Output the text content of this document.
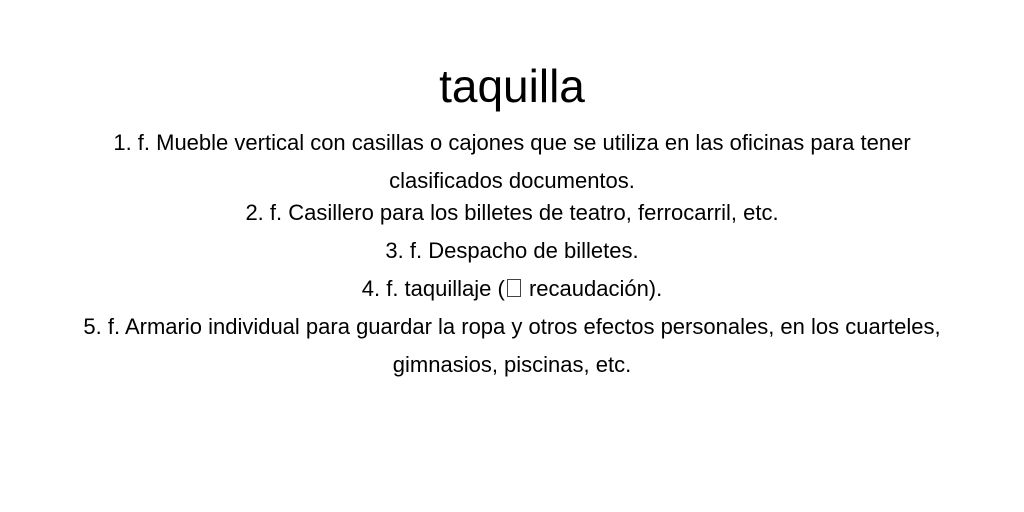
taquilla
1. f. Mueble vertical con casillas o cajones que se utiliza en las oficinas para tener clasificados documentos.
2. f. Casillero para los billetes de teatro, ferrocarril, etc.
3. f. Despacho de billetes.
4. f. taquillaje ( recaudación).
5. f. Armario individual para guardar la ropa y otros efectos personales, en los cuarteles, gimnasios, piscinas, etc.
